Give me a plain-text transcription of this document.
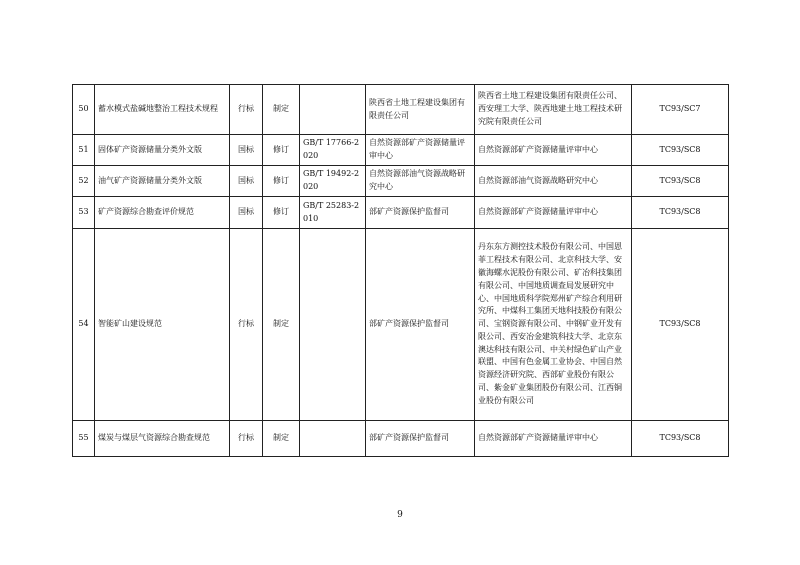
50	蓄水模式盐碱地整治工程技术规程	行标	制定		陕西省土地工程建设集团有限责任公司	陕西省土地工程建设集团有限责任公司、西安理工大学、陕西地建土地工程技术研究院有限责任公司	TC93/SC7
51	固体矿产资源储量分类外文版	国标	修订	GB/T 17766-2020	自然资源部矿产资源储量评审中心	自然资源部矿产资源储量评审中心	TC93/SC8
52	油气矿产资源储量分类外文版	国标	修订	GB/T 19492-2020	自然资源部油气资源战略研究中心	自然资源部油气资源战略研究中心	TC93/SC8
53	矿产资源综合勘查评价规范	国标	修订	GB/T 25283-2010	部矿产资源保护监督司	自然资源部矿产资源储量评审中心	TC93/SC8
54	智能矿山建设规范	行标	制定		部矿产资源保护监督司	丹东东方测控技术股份有限公司、中国恩菲工程技术有限公司、北京科技大学、安徽海螺水泥股份有限公司、矿冶科技集团有限公司、中国地质调查局发展研究中心、中国地质科学院郑州矿产综合利用研究所、中煤科工集团天地科技股份有限公司、宝钢资源有限公司、中钢矿业开发有限公司、西安冶金建筑科技大学、北京东澳达科技有限公司、中关村绿色矿山产业联盟、中国有色金属工业协会、中国自然资源经济研究院、西部矿业股份有限公司、紫金矿业集团股份有限公司、江西铜业股份有限公司	TC93/SC8
55	煤炭与煤层气资源综合勘查规范	行标	制定		部矿产资源保护监督司	自然资源部矿产资源储量评审中心	TC93/SC8
9
